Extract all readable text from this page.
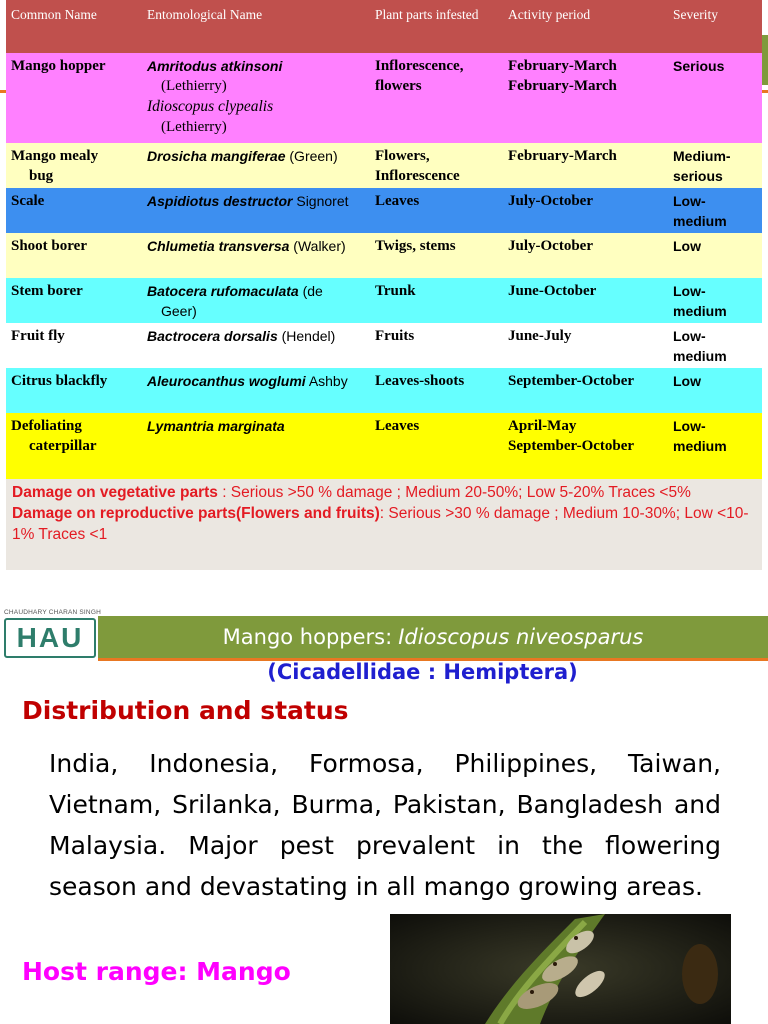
Common Name	Entomological Name	Plant parts infested	Activity period	Severity
Mango hopper	Amritodus atkinsoni
(Lethierry)
Idioscopus clypealis
(Lethierry)	Inflorescence, flowers	February-March
February-March	Serious

Mango mealy
bug	Drosicha mangiferae (Green)	Flowers,
Inflorescence	February-March	Medium-
serious

Scale	Aspidiotus destructor Signoret	Leaves	July-October	Low-
medium

Shoot borer	Chlumetia transversa (Walker)	Twigs, stems	July-October	Low
Stem borer	Batocera rufomaculata (de
Geer)	Trunk	June-October	Low-
medium

Fruit fly	Bactrocera dorsalis (Hendel)	Fruits	June-July	Low-
medium

Citrus blackfly	Aleurocanthus woglumi Ashby	Leaves-shoots	September-October	Low

Defoliating
caterpillar	Lymantria marginata	Leaves	April-May
September-October	Low-
medium
Damage on vegetative parts : Serious >50 % damage ; Medium 20-50%; Low 5-20% Traces <5%
Damage on reproductive parts(Flowers and fruits): Serious >30 % damage ; Medium 10-30%; Low <10-1% Traces <1
CHAUDHARY CHARAN SINGH
HAU	Mango hoppers: Idioscopus niveosparus
(Cicadellidae : Hemiptera)
Distribution and status
India, Indonesia, Formosa, Philippines, Taiwan, Vietnam, Srilanka, Burma, Pakistan, Bangladesh and Malaysia. Major pest prevalent in the flowering season and devastating in all mango growing areas.
Host range: Mango
